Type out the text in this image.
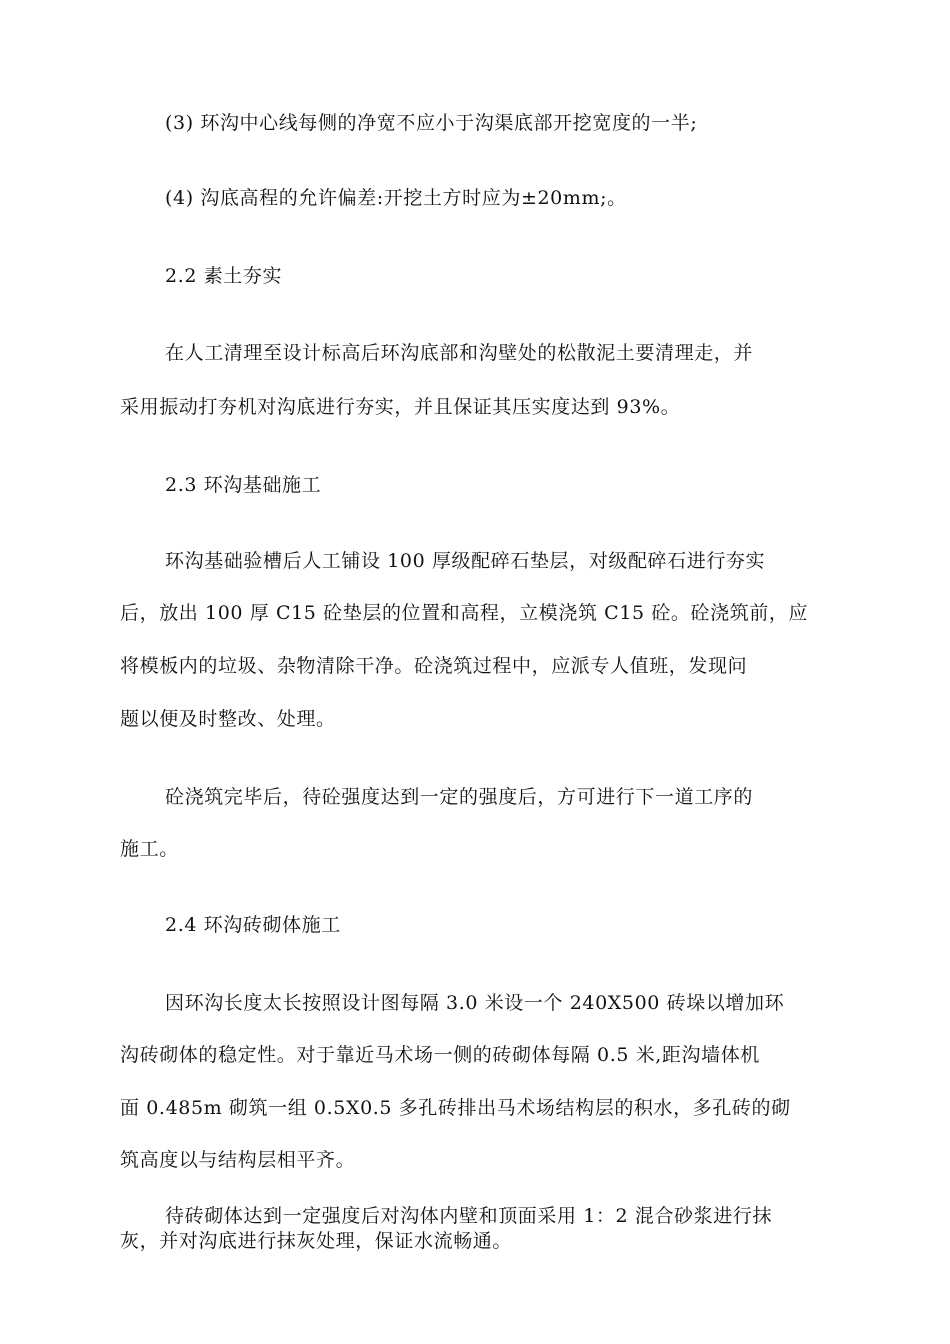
(3) 环沟中心线每侧的净宽不应小于沟渠底部开挖宽度的一半;
(4) 沟底高程的允许偏差:开挖土方时应为±20mm;。
2.2 素土夯实
在人工清理至设计标高后环沟底部和沟壁处的松散泥土要清理走，并
采用振动打夯机对沟底进行夯实，并且保证其压实度达到 93%。
2.3 环沟基础施工
环沟基础验槽后人工铺设 100 厚级配碎石垫层，对级配碎石进行夯实
后，放出 100 厚 C15 砼垫层的位置和高程，立模浇筑 C15 砼。砼浇筑前，应
将模板内的垃圾、杂物清除干净。砼浇筑过程中，应派专人值班，发现问
题以便及时整改、处理。
砼浇筑完毕后，待砼强度达到一定的强度后，方可进行下一道工序的
施工。
2.4 环沟砖砌体施工
因环沟长度太长按照设计图每隔 3.0 米设一个 240X500 砖垛以增加环
沟砖砌体的稳定性。对于靠近马术场一侧的砖砌体每隔 0.5 米,距沟墙体机
面 0.485m 砌筑一组 0.5X0.5 多孔砖排出马术场结构层的积水，多孔砖的砌
筑高度以与结构层相平齐。
待砖砌体达到一定强度后对沟体内壁和顶面采用 1：2 混合砂浆进行抹
灰，并对沟底进行抹灰处理，保证水流畅通。
